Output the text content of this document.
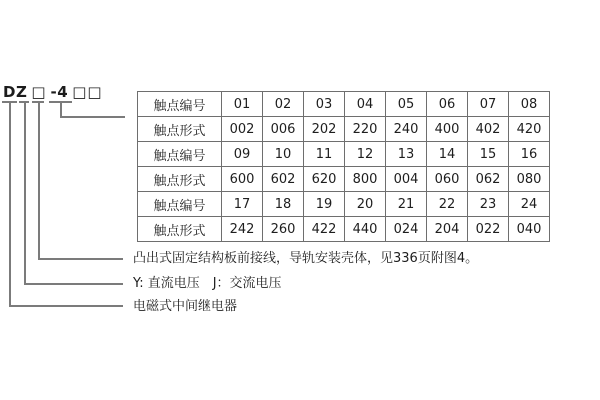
DZ □ -4 □□
触点编号	01	02	03	04	05	06	07	08
触点形式	002	006	202	220	240	400	402	420
触点编号	09	10	11	12	13	14	15	16
触点形式	600	602	620	800	004	060	062	080
触点编号	17	18	19	20	21	22	23	24
触点形式	242	260	422	440	024	204	022	040
凸出式固定结构板前接线，导轨安装壳体，见336页附图4。
Y: 直流电压　J：交流电压
电磁式中间继电器
